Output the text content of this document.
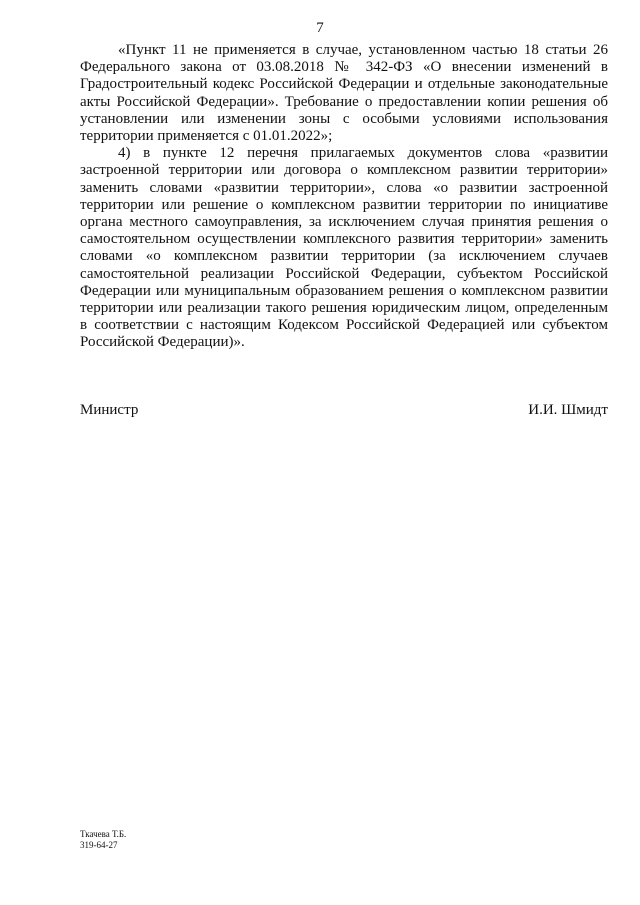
7

«Пункт 11 не применяется в случае, установленном частью 18 статьи 26 Федерального закона от 03.08.2018 № 342-ФЗ «О внесении изменений в Градостроительный кодекс Российской Федерации и отдельные законодательные акты Российской Федерации». Требование о предоставлении копии решения об установлении или изменении зоны с особыми условиями использования территории применяется с 01.01.2022»;

4) в пункте 12 перечня прилагаемых документов слова «развитии застроенной территории или договора о комплексном развитии территории» заменить словами «развитии территории», слова «о развитии застроенной территории или решение о комплексном развитии территории по инициативе органа местного самоуправления, за исключением случая принятия решения о самостоятельном осуществлении комплексного развития территории» заменить словами «о комплексном развитии территории (за исключением случаев самостоятельной реализации Российской Федерации, субъектом Российской Федерации или муниципальным образованием решения о комплексном развитии территории или реализации такого решения юридическим лицом, определенным в соответствии с настоящим Кодексом Российской Федерацией или субъектом Российской Федерации)».

Министр	И.И. Шмидт
Ткачева Т.Б.
319-64-27
